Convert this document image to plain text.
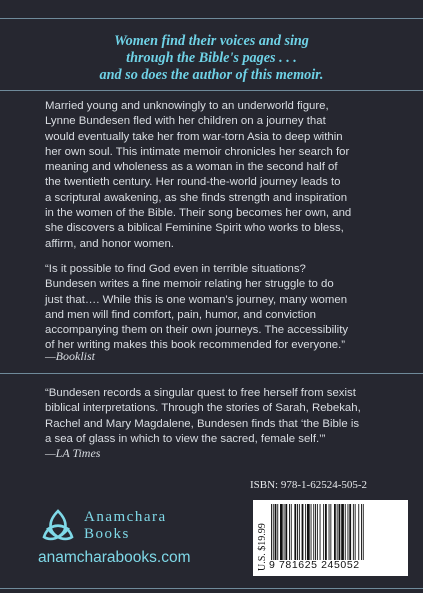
Women find their voices and sing
through the Bible's pages . . .
and so does the author of this memoir.
Married young and unknowingly to an underworld figure,
Lynne Bundesen fled with her children on a journey that
would eventually take her from war-torn Asia to deep within
her own soul. This intimate memoir chronicles her search for
meaning and wholeness as a woman in the second half of
the twentieth century. Her round-the-world journey leads to
a scriptural awakening, as she finds strength and inspiration
in the women of the Bible. Their song becomes her own, and
she discovers a biblical Feminine Spirit who works to bless,
affirm, and honor women.
“Is it possible to find God even in terrible situations?
Bundesen writes a fine memoir relating her struggle to do
just that…. While this is one woman's journey, many women
and men will find comfort, pain, humor, and conviction
accompanying them on their own journeys. The accessibility
of her writing makes this book recommended for everyone.”
—Booklist
“Bundesen records a singular quest to free herself from sexist
biblical interpretations. Through the stories of Sarah, Rebekah,
Rachel and Mary Magdalene, Bundesen finds that ‘the Bible is
a sea of glass in which to view the sacred, female self.’”
—LA Times
ISBN: 978-1-62524-505-2
Anamchara
Books
anamcharabooks.com	U.S. $19.99 9 781625 245052
